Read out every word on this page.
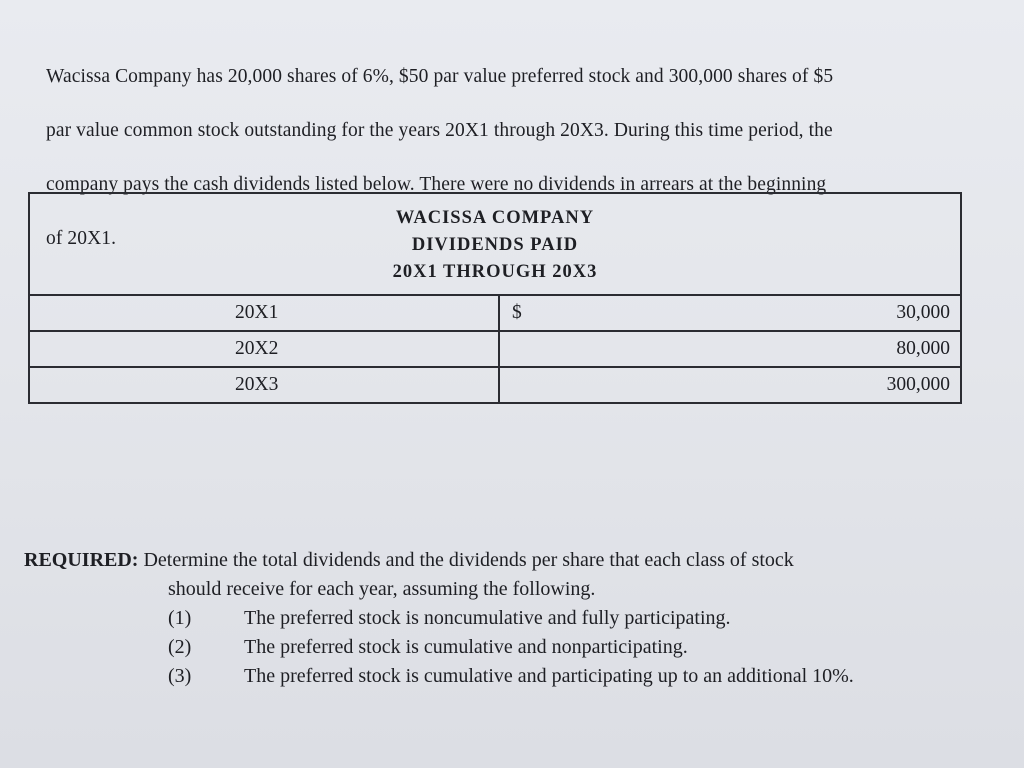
Wacissa Company has 20,000 shares of 6%, $50 par value preferred stock and 300,000 shares of $5

par value common stock outstanding for the years 20X1 through 20X3. During this time period, the

company pays the cash dividends listed below. There were no dividends in arrears at the beginning

of 20X1.

WACISSA COMPANY
DIVIDENDS PAID
20X1 THROUGH 20X3	

20X1	$ 30,000
20X2	80,000
20X3	300,000
REQUIRED: Determine the total dividends and the dividends per share that each class of stock
should receive for each year, assuming the following.
(1)	The preferred stock is noncumulative and fully participating.
(2)	The preferred stock is cumulative and nonparticipating.
(3)	The preferred stock is cumulative and participating up to an additional 10%.
